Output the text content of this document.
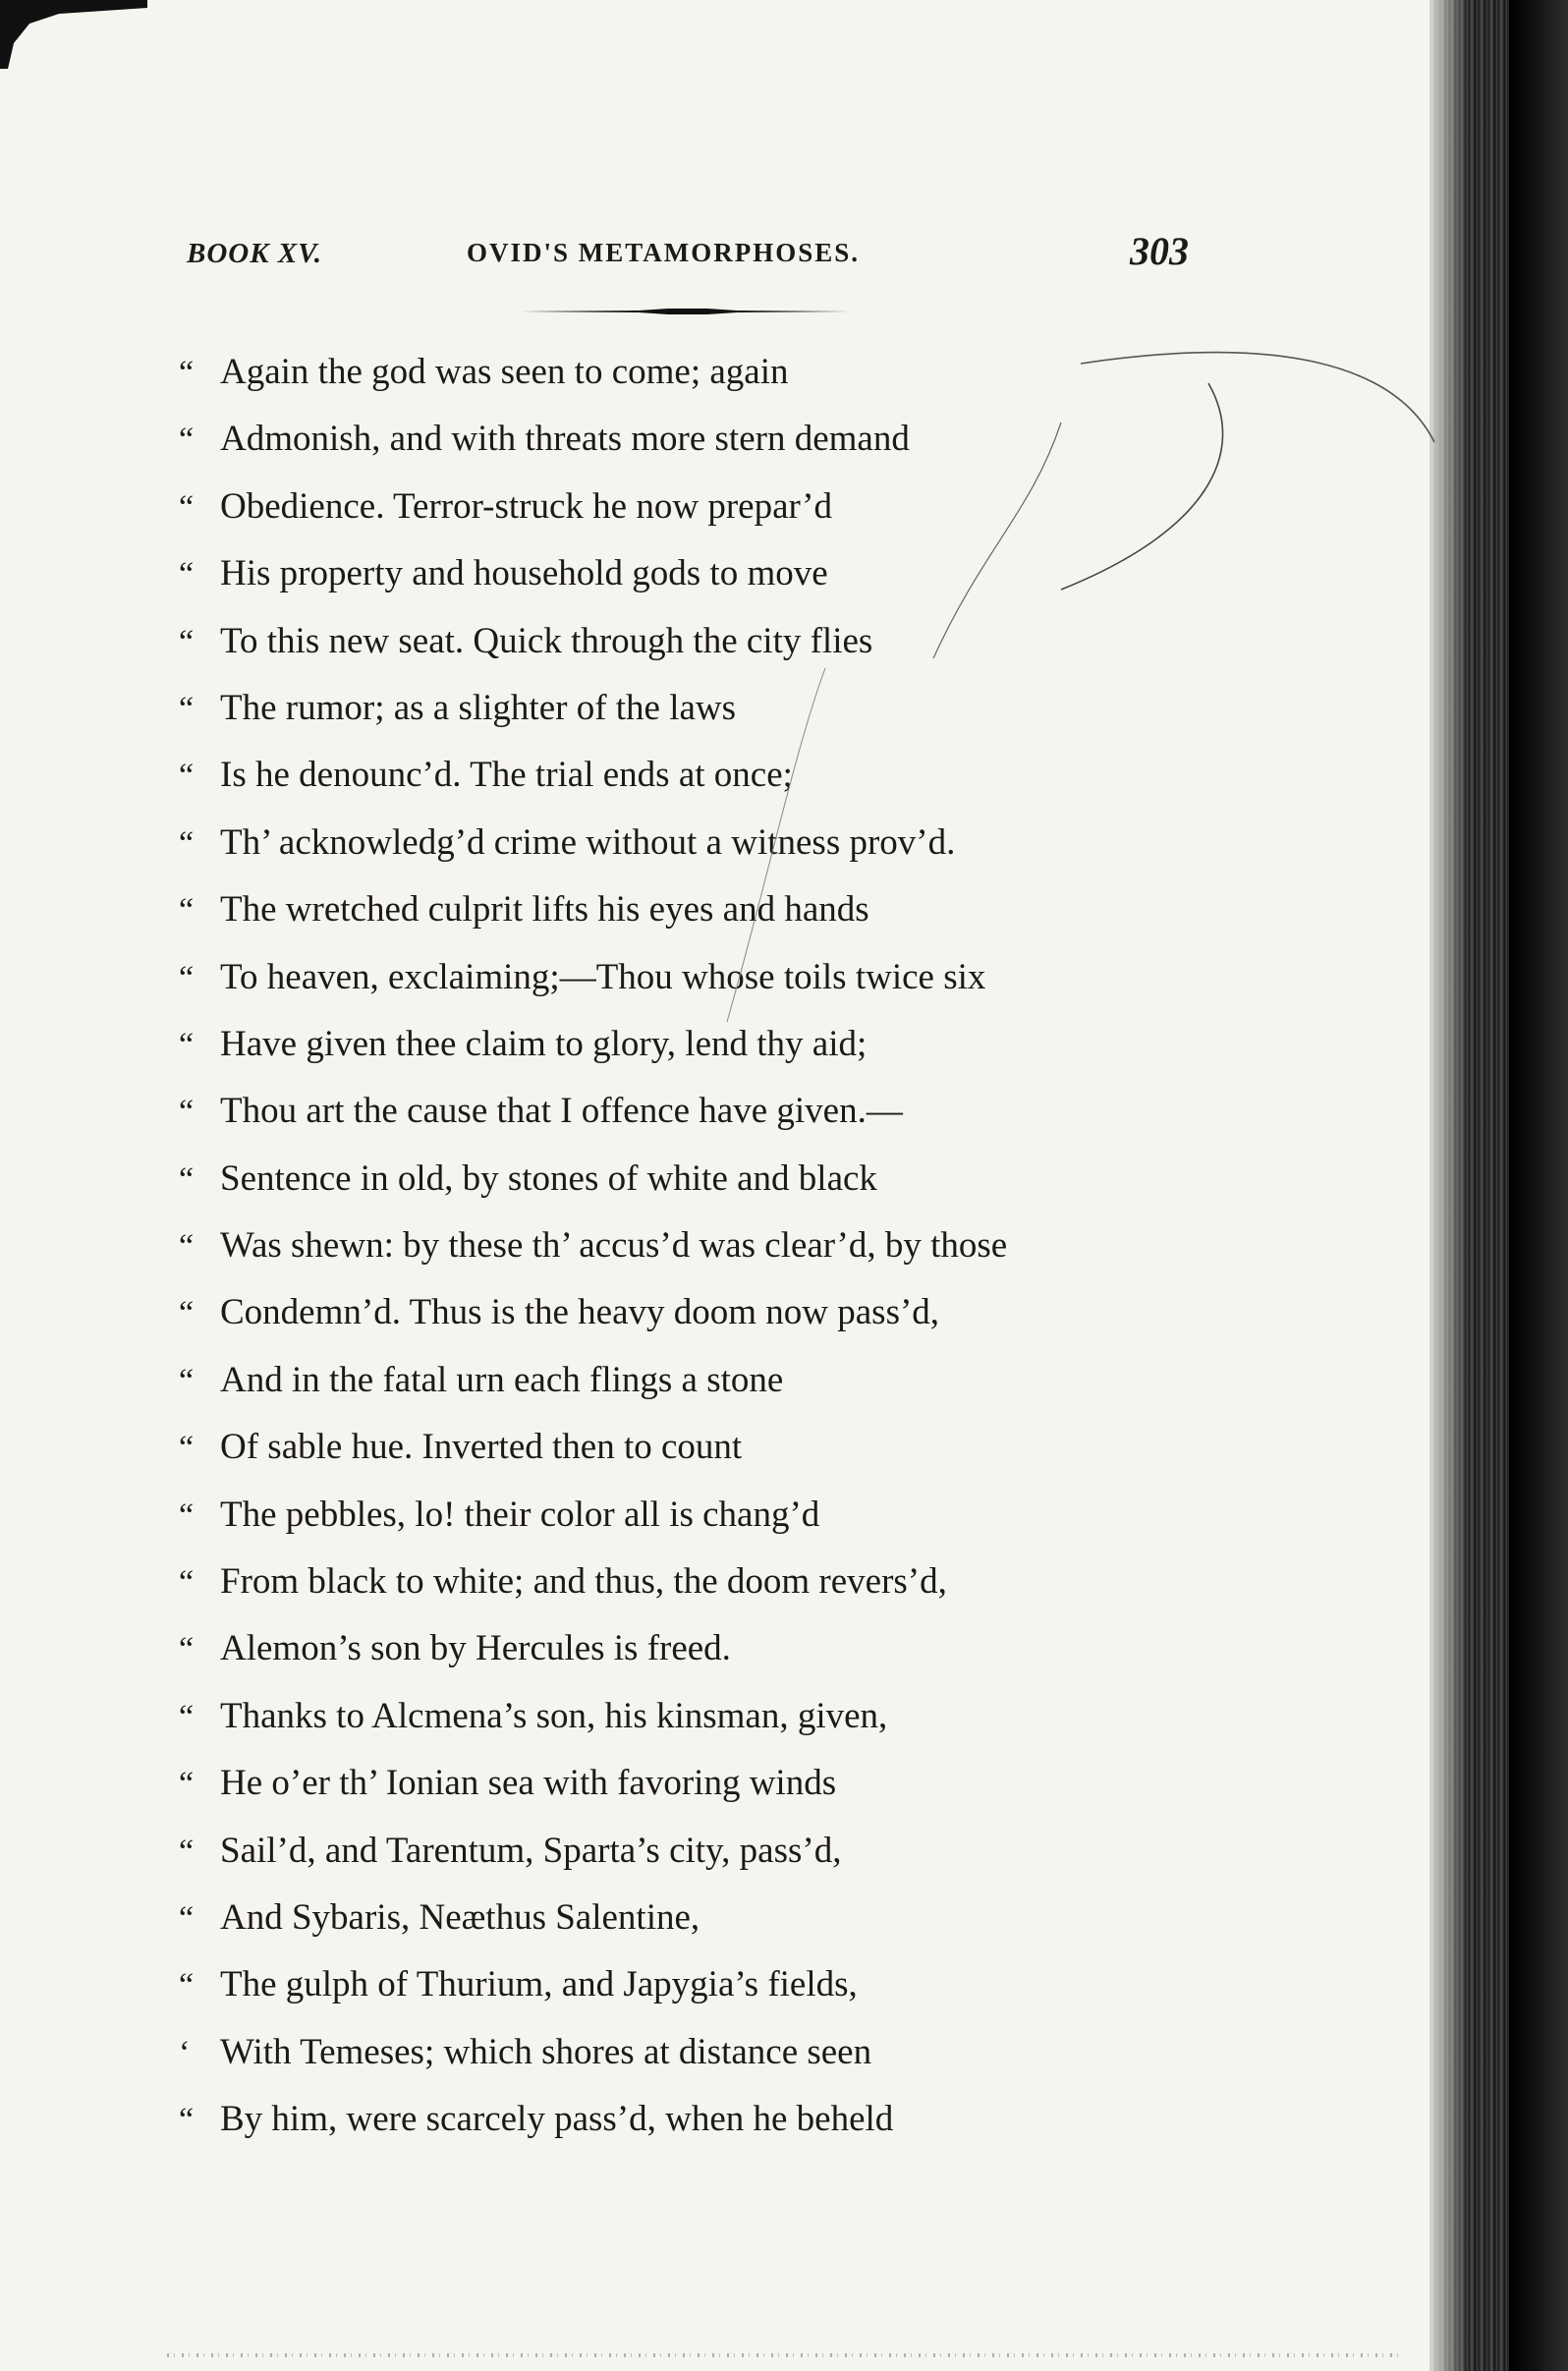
BOOK XV.	OVID'S METAMORPHOSES.	303
“ Again the god was seen to come; again
“ Admonish, and with threats more stern demand
“ Obedience. Terror-struck he now prepar’d
“ His property and household gods to move
“ To this new seat. Quick through the city flies
“ The rumor; as a slighter of the laws
“ Is he denounc’d. The trial ends at once;
“ Th’ acknowledg’d crime without a witness prov’d.
“ The wretched culprit lifts his eyes and hands
“ To heaven, exclaiming;—Thou whose toils twice six
“ Have given thee claim to glory, lend thy aid;
“ Thou art the cause that I offence have given.—
“ Sentence in old, by stones of white and black
“ Was shewn: by these th’ accus’d was clear’d, by those
“ Condemn’d. Thus is the heavy doom now pass’d,
“ And in the fatal urn each flings a stone
“ Of sable hue. Inverted then to count
“ The pebbles, lo! their color all is chang’d
“ From black to white; and thus, the doom revers’d,
“ Alemon’s son by Hercules is freed.
“ Thanks to Alcmena’s son, his kinsman, given,
“ He o’er th’ Ionian sea with favoring winds
“ Sail’d, and Tarentum, Sparta’s city, pass’d,
“ And Sybaris, Neæthus Salentine,
“ The gulph of Thurium, and Japygia’s fields,
‘ With Temeses; which shores at distance seen
“ By him, were scarcely pass’d, when he beheld
